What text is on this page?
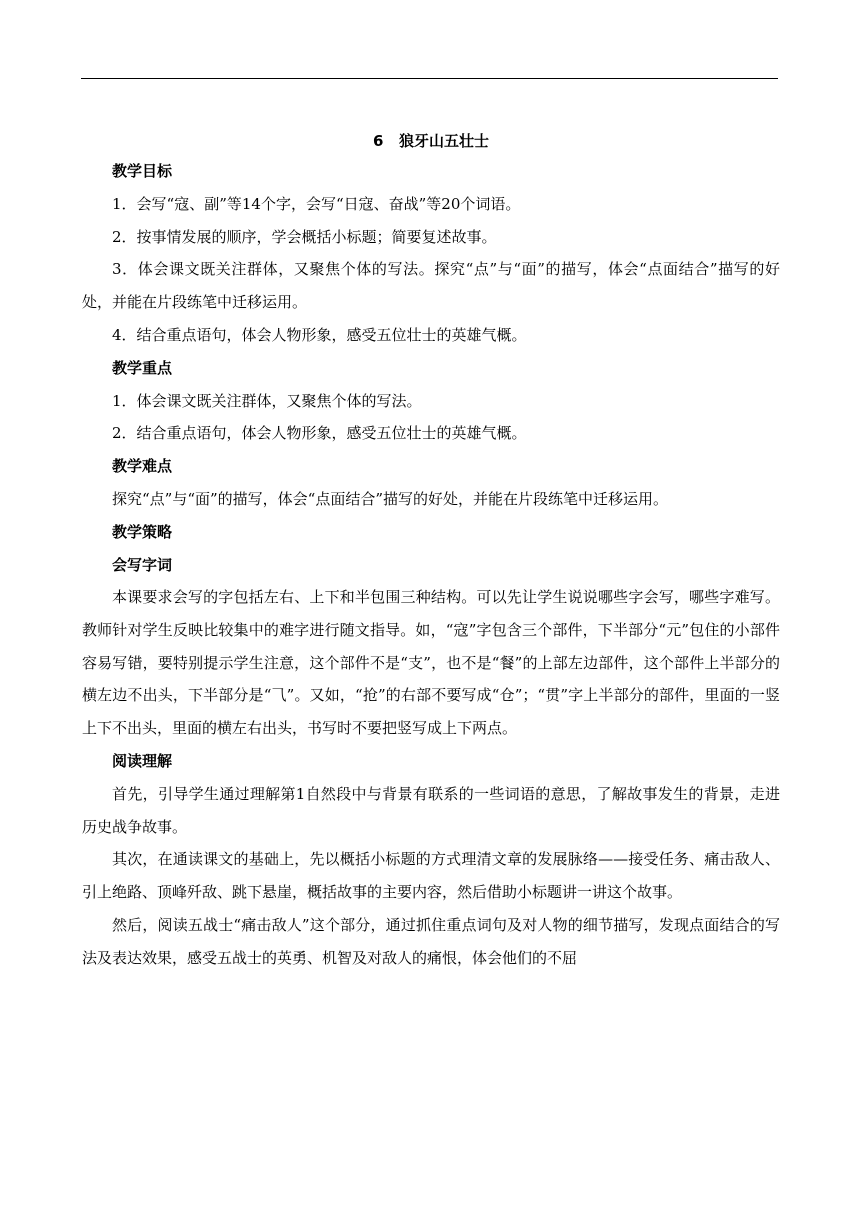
6   狼牙山五壮士
教学目标

1．会写“寇、副”等14个字，会写“日寇、奋战”等20个词语。

2．按事情发展的顺序，学会概括小标题；简要复述故事。

3．体会课文既关注群体，又聚焦个体的写法。探究“点”与“面”的描写，体会“点面结合”描写的好处，并能在片段练笔中迁移运用。

4．结合重点语句，体会人物形象，感受五位壮士的英雄气概。

教学重点

1．体会课文既关注群体，又聚焦个体的写法。

2．结合重点语句，体会人物形象，感受五位壮士的英雄气概。

教学难点

探究“点”与“面”的描写，体会“点面结合”描写的好处，并能在片段练笔中迁移运用。

教学策略
会写字词

本课要求会写的字包括左右、上下和半包围三种结构。可以先让学生说说哪些字会写，哪些字难写。教师针对学生反映比较集中的难字进行随文指导。如，“寇”字包含三个部件，下半部分“元”包住的小部件容易写错，要特别提示学生注意，这个部件不是“支”，也不是“餐”的上部左边部件，这个部件上半部分的横左边不出头，下半部分是“⺄”。又如，“抢”的右部不要写成“仓”；“贯”字上半部分的部件，里面的一竖上下不出头，里面的横左右出头，书写时不要把竖写成上下两点。

阅读理解

首先，引导学生通过理解第1自然段中与背景有联系的一些词语的意思，了解故事发生的背景，走进历史战争故事。

其次，在通读课文的基础上，先以概括小标题的方式理清文章的发展脉络——接受任务、痛击敌人、引上绝路、顶峰歼敌、跳下悬崖，概括故事的主要内容，然后借助小标题讲一讲这个故事。

然后，阅读五战士“痛击敌人”这个部分，通过抓住重点词句及对人物的细节描写，发现点面结合的写法及表达效果，感受五战士的英勇、机智及对敌人的痛恨，体会他们的不屈
